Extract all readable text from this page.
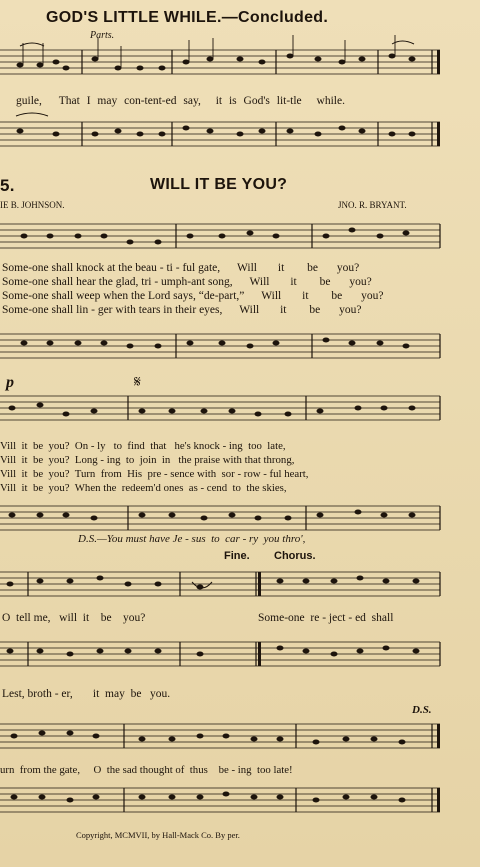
GOD'S LITTLE WHILE.—Concluded.
Parts.
guile, That I may con-tent-ed say, it is God's lit-tle while.
5.	WILL IT BE YOU?
IE B. JOHNSON.	JNO. R. BRYANT.
Some-one shall knock at the beau - ti - ful gate, Will it be you?
Some-one shall hear the glad, tri - umph-ant song, Will it be you?
Some-one shall weep when the Lord says, “de-part,” Will it be you?
Some-one shall lin - ger with tears in their eyes, Will it be you?
p	𝄋
Vill  it  be  you?  On - ly   to  find  that   he's knock - ing  too  late,
Vill  it  be  you?  Long - ing  to  join  in   the praise with that throng,
Vill  it  be  you?  Turn  from  His  pre - sence with  sor - row - ful heart,
Vill  it  be  you?  When the  redeem'd ones  as - cend  to  the skies,
D.S.—You must have Je - sus  to  car - ry  you thro',
Fine. Chorus.
O  tell me,   will  it    be    you?	Some-one  re - ject - ed  shall
Lest, broth - er,       it  may  be   you.
D.S.
urn  from the gate,     O  the sad thought of  thus    be - ing  too late!
Copyright, MCMVII, by Hall-Mack Co. By per.
